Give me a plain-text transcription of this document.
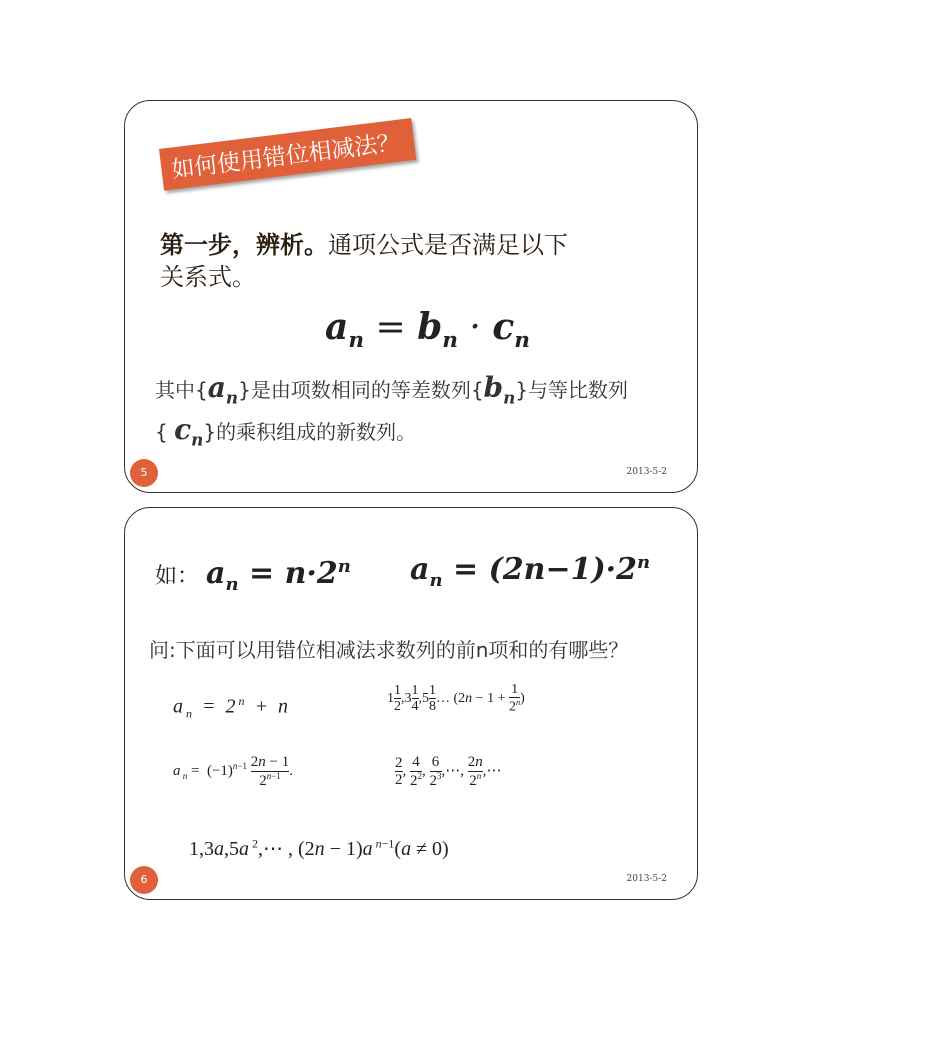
如何使用错位相减法？
第一步，辨析。通项公式是否满足以下
关系式。
$a_n = b_n \cdot c_n$
其中$\{a_n\}$是由项数相同的等差数列$\{b_n\}$与等比数列
{ $c_n$}的乘积组成的新数列。
5	2013-5-2
如： $a_n = n\cdot 2^n$ $a_n = (2n-1)\cdot 2^n$
问:下面可以用错位相减法求数列的前n项和的有哪些？
a $_n$  =  2 $^n$  +  n	$1 \frac{1}{2} ,3 \frac{1}{4} ,5 \frac{1}{8}$ … ($2n - 1 + \frac{1}{2^n}$ )
a $_n = (-1)^{n-1} \frac{2n - 1}{2^{n-1}}$ .	$\frac{2}{2}$ , $\frac{4}{2^2}$ , $\frac{6}{2^3}$ ,⋯, $\frac{2n}{2^n}$ ,⋯
1,3a,5a $^2$,⋯ , (2n − 1)a $^{n-1}$(a ≠ 0)
6	2013-5-2
